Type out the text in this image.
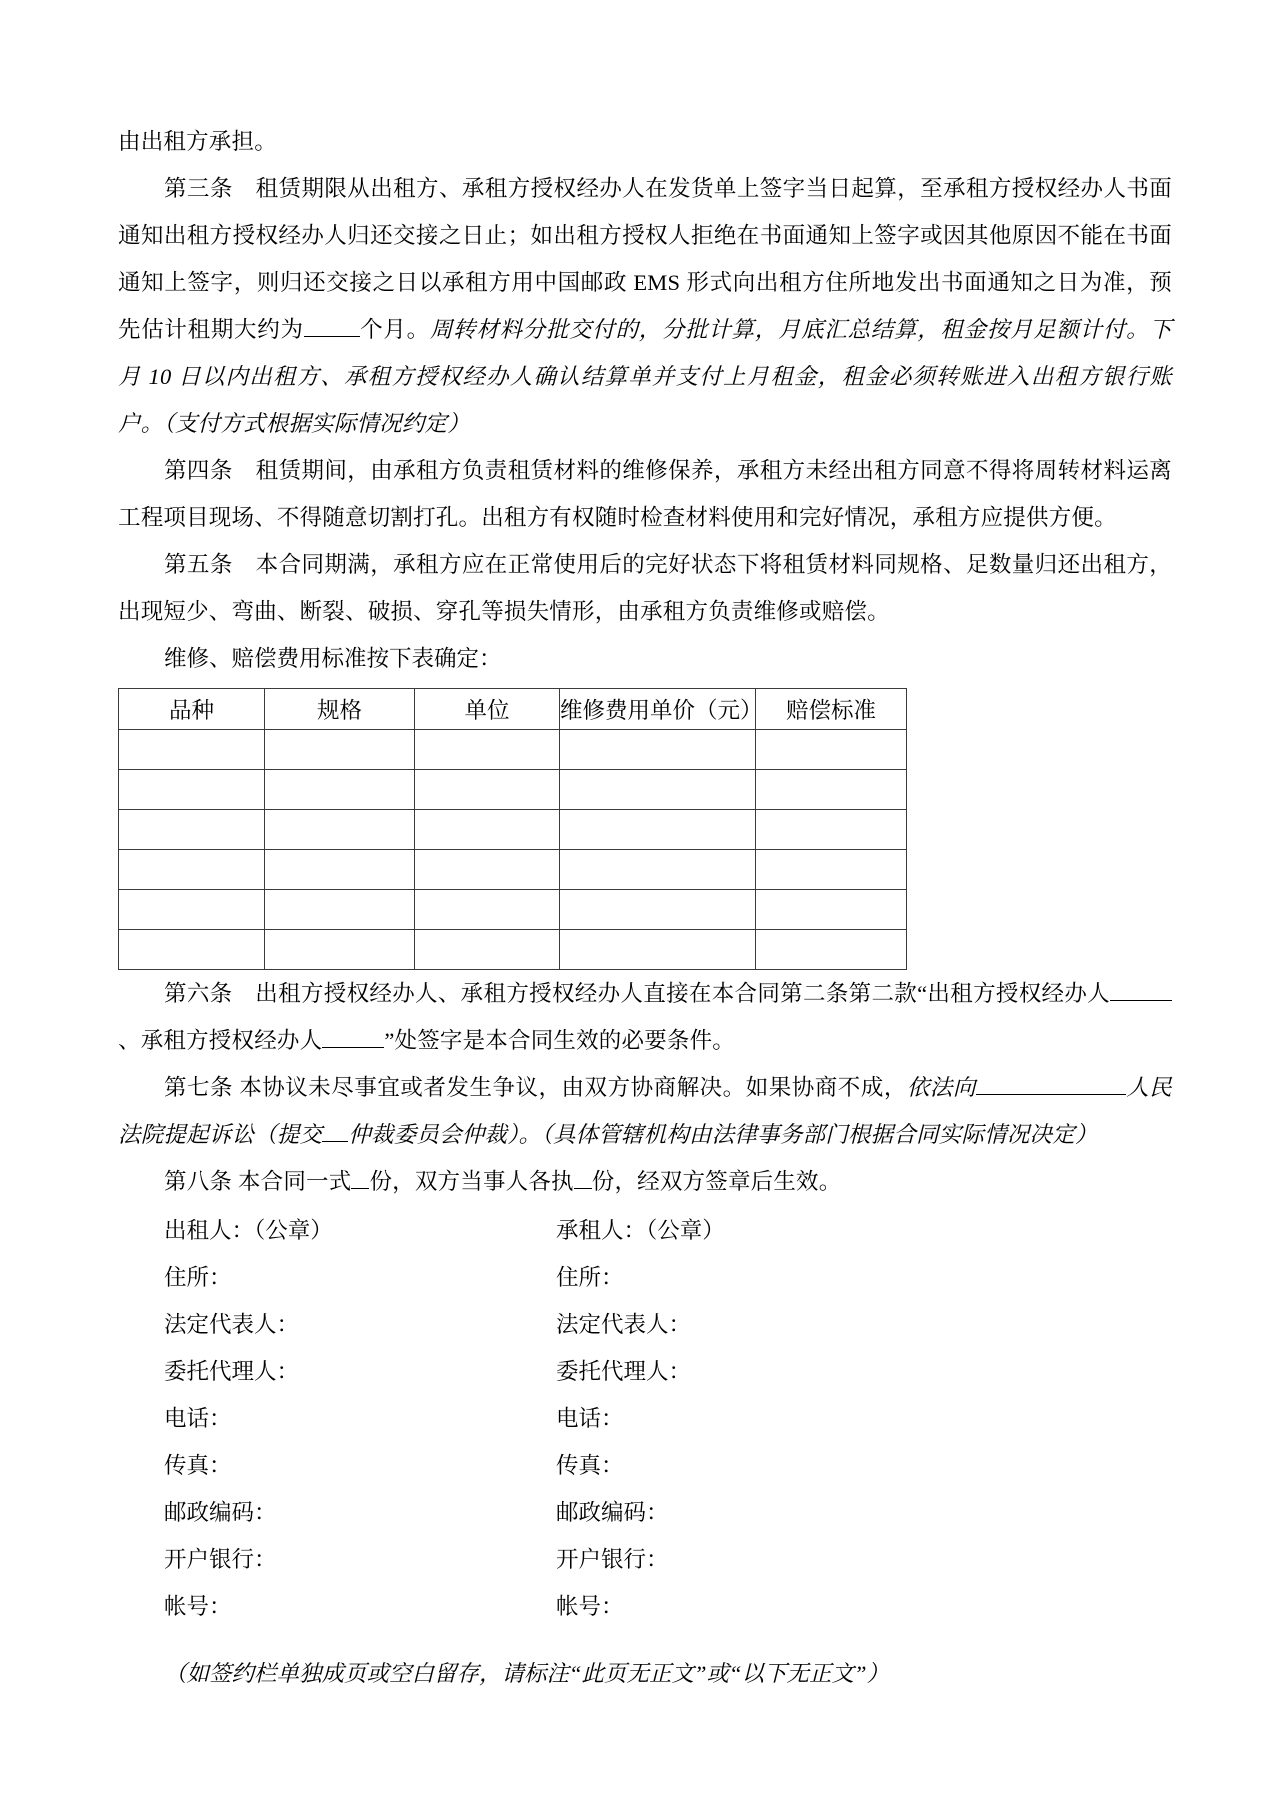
由出租方承担。

第三条　租赁期限从出租方、承租方授权经办人在发货单上签字当日起算，至承租方授权经办人书面通知出租方授权经办人归还交接之日止；如出租方授权人拒绝在书面通知上签字或因其他原因不能在书面通知上签字，则归还交接之日以承租方用中国邮政 EMS 形式向出租方住所地发出书面通知之日为准，预先估计租期大约为 个月。周转材料分批交付的，分批计算，月底汇总结算，租金按月足额计付。下月 10 日以内出租方、承租方授权经办人确认结算单并支付上月租金，租金必须转账进入出租方银行账户。（支付方式根据实际情况约定）

第四条　租赁期间，由承租方负责租赁材料的维修保养，承租方未经出租方同意不得将周转材料运离工程项目现场、不得随意切割打孔。出租方有权随时检查材料使用和完好情况，承租方应提供方便。

第五条　本合同期满，承租方应在正常使用后的完好状态下将租赁材料同规格、足数量归还出租方，出现短少、弯曲、断裂、破损、穿孔等损失情形，由承租方负责维修或赔偿。

维修、赔偿费用标准按下表确定：

品种	规格	单位	维修费用单价（元）	赔偿标准

第六条　出租方授权经办人、承租方授权经办人直接在本合同第二条第二款“出租方授权经办人、承租方授权经办人	”处签字是本合同生效的必要条件。

第七条 本协议未尽事宜或者发生争议，由双方协商解决。如果协商不成，依法向	人民法院提起诉讼（提交 仲裁委员会仲裁）。（具体管辖机构由法律事务部门根据合同实际情况决定）

第八条 本合同一式 份，双方当事人各执 份，经双方签章后生效。

出租人：（公章）	承租人：（公章）
住所：	住所：
法定代表人：	法定代表人：
委托代理人：	委托代理人：
电话：	电话：
传真：	传真：
邮政编码：	邮政编码：
开户银行：	开户银行：
帐号：	帐号：

（如签约栏单独成页或空白留存，请标注“此页无正文”或“以下无正文”）
